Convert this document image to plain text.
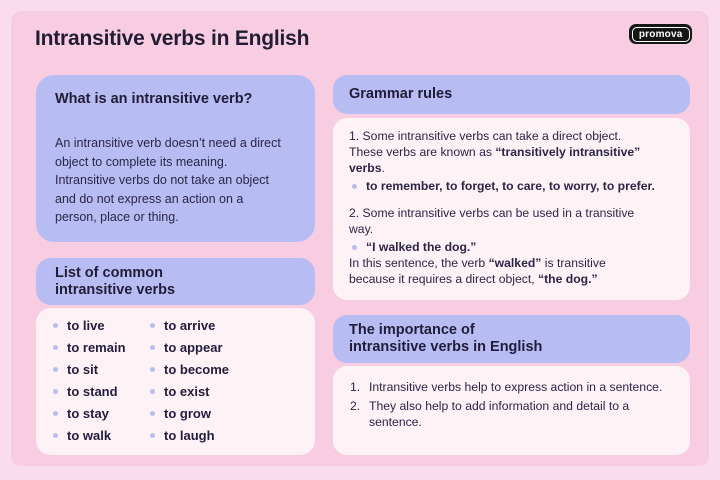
Intransitive verbs in English	promova
What is an intransitive verb?
An intransitive verb doesn’t need a direct
object to complete its meaning.
Intransitive verbs do not take an object
and do not express an action on a
person, place or thing.
List of common
intransitive verbs
to live
to remain
to sit
to stand
to stay
to walk
to arrive
to appear
to become
to exist
to grow
to laugh
Grammar rules

1. Some intransitive verbs can take a direct object.
These verbs are known as “transitively intransitive”
verbs.

to remember, to forget, to care, to worry, to prefer.

2. Some intransitive verbs can be used in a transitive
way.

“I walked the dog.”

In this sentence, the verb “walked” is transitive
because it requires a direct object, “the dog.”

The importance of
intransitive verbs in English
1. Intransitive verbs help to express action in a sentence.
2. They also help to add information and detail to a sentence.
